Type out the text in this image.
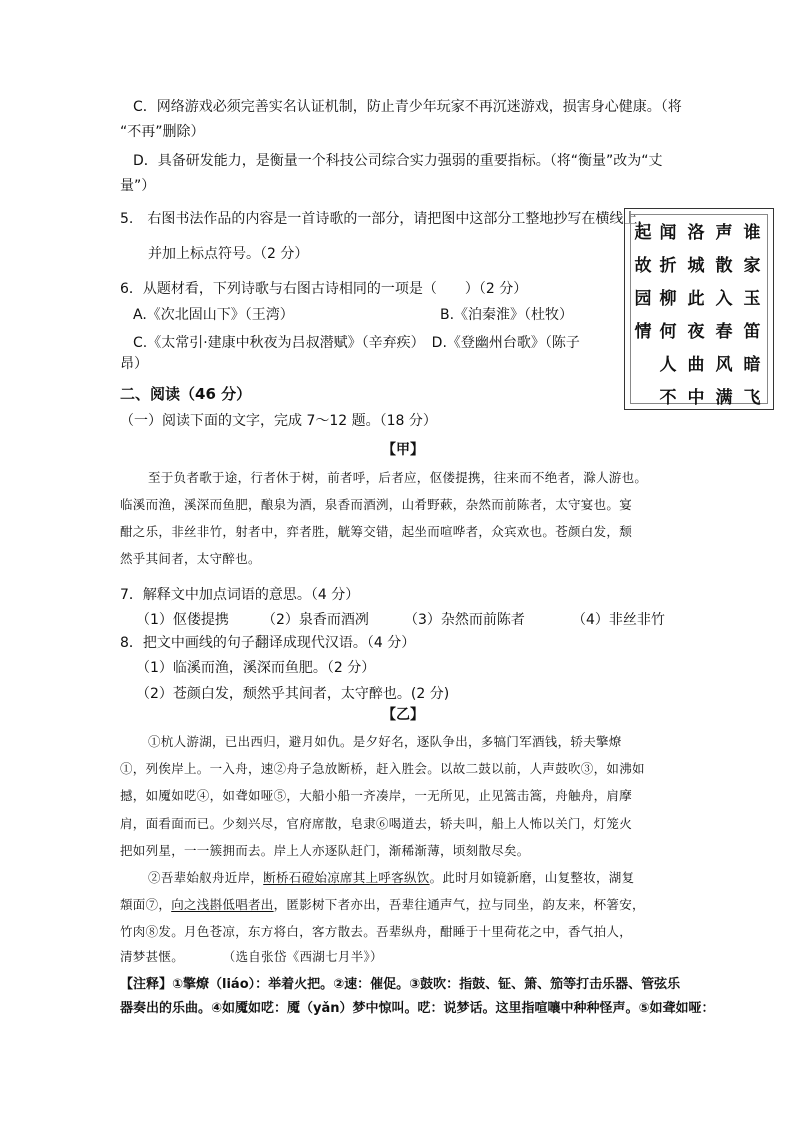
C．网络游戏必须完善实名认证机制，防止青少年玩家不再沉迷游戏，损害身心健康。（将
“不再”删除）
D．具备研发能力，是衡量一个科技公司综合实力强弱的重要指标。（将“衡量”改为“丈
量”）
5.　右图书法作品的内容是一首诗歌的一部分，请把图中这部分工整地抄写在横线上，
并加上标点符号。（2 分）
6．从题材看，下列诗歌与右图古诗相同的一项是（　　）（2 分）
A.《次北固山下》（王湾）	B.《泊秦淮》（杜牧）
C.《太常引·建康中秋夜为吕叔潜赋》（辛弃疾）　D.《登幽州台歌》（陈子
昂）
谁
家
玉
笛
暗
飞
声
散
入
春
风
满
洛
城
此
夜
曲
中
闻
折
柳
何
人
不
起
故
园
情
二、阅读（46 分）
（一）阅读下面的文字，完成 7～12 题。（18 分）
【甲】
至于负者歌于途，行者休于树，前者呼，后者应，伛偻提携，往来而不绝者，滁人游也。
临溪而渔，溪深而鱼肥，酿泉为酒，泉香而酒洌，山肴野蔌，杂然而前陈者，太守宴也。宴
酣之乐，非丝非竹，射者中，弈者胜，觥筹交错，起坐而喧哗者，众宾欢也。苍颜白发，颓
然乎其间者，太守醉也。
7．解释文中加点词语的意思。（4 分）
（1）伛偻提携 （2）泉香而酒冽	（3）杂然而前陈者	（4）非丝非竹
8．把文中画线的句子翻译成现代汉语。（4 分）
（1）临溪而渔，溪深而鱼肥。（2 分）
（2）苍颜白发，颓然乎其间者，太守醉也。(2 分)
【乙】
①杭人游湖，已出西归，避月如仇。是夕好名，逐队争出，多犒门军酒钱，轿夫擎燎
①，列俟岸上。一入舟，速②舟子急放断桥，赶入胜会。以故二鼓以前，人声鼓吹③，如沸如
撼，如魇如呓④，如聋如哑⑤，大船小船一齐凑岸，一无所见，止见篙击篙，舟触舟，肩摩
肩，面看面而已。少刻兴尽，官府席散，皂隶⑥喝道去，轿夫叫，船上人怖以关门，灯笼火
把如列星，一一簇拥而去。岸上人亦逐队赶门，渐稀渐薄，顷刻散尽矣。
②吾辈始舣舟近岸，断桥石磴始凉席其上呼客纵饮。此时月如镜新磨，山复整妆，湖复
頮面⑦，向之浅斟低唱者出，匿影树下者亦出，吾辈往通声气，拉与同坐，韵友来，杯箸安，
竹肉⑧发。月色苍凉，东方将白，客方散去。吾辈纵舟，酣睡于十里荷花之中，香气拍人，
清梦甚惬。　　　　（选自张岱《西湖七月半》）
【注释】①擎燎（liáo）：举着火把。②速：催促。③鼓吹：指鼓、钲、箫、笳等打击乐器、管弦乐
器奏出的乐曲。④如魇如呓：魇（yǎn）梦中惊叫。呓：说梦话。这里指喧嚷中种种怪声。⑤如聋如哑：
